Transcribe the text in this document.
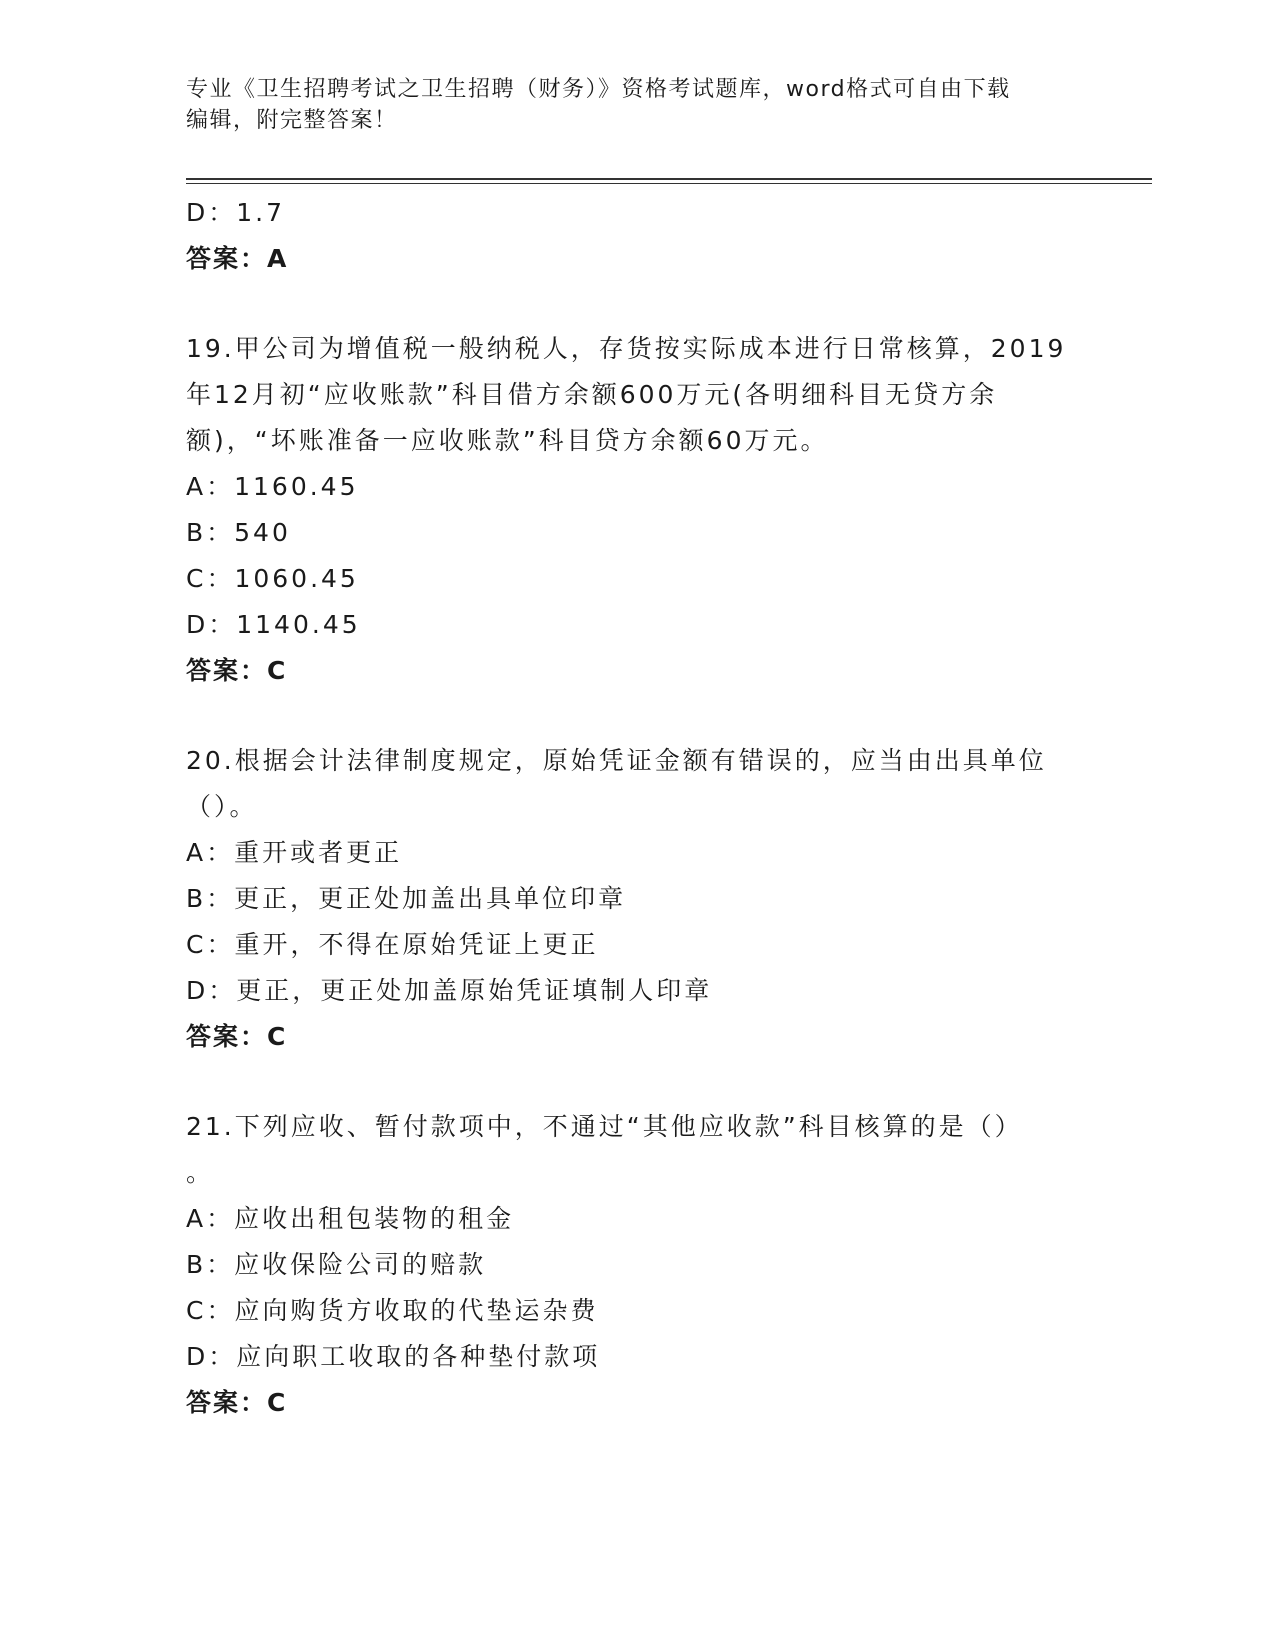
专业《卫生招聘考试之卫生招聘（财务）》资格考试题库，word格式可自由下载
编辑，附完整答案！
D：1.7
答案：A
19.甲公司为增值税一般纳税人，存货按实际成本进行日常核算，2019
年12月初“应收账款”科目借方余额600万元(各明细科目无贷方余
额)，“坏账准备一应收账款”科目贷方余额60万元。
A：1160.45
B：540
C：1060.45
D：1140.45
答案：C
20.根据会计法律制度规定，原始凭证金额有错误的，应当由出具单位
（）。
A：重开或者更正
B：更正，更正处加盖出具单位印章
C：重开，不得在原始凭证上更正
D：更正，更正处加盖原始凭证填制人印章
答案：C
21.下列应收、暂付款项中，不通过“其他应收款”科目核算的是（）
。
A：应收出租包装物的租金
B：应收保险公司的赔款
C：应向购货方收取的代垫运杂费
D：应向职工收取的各种垫付款项
答案：C
